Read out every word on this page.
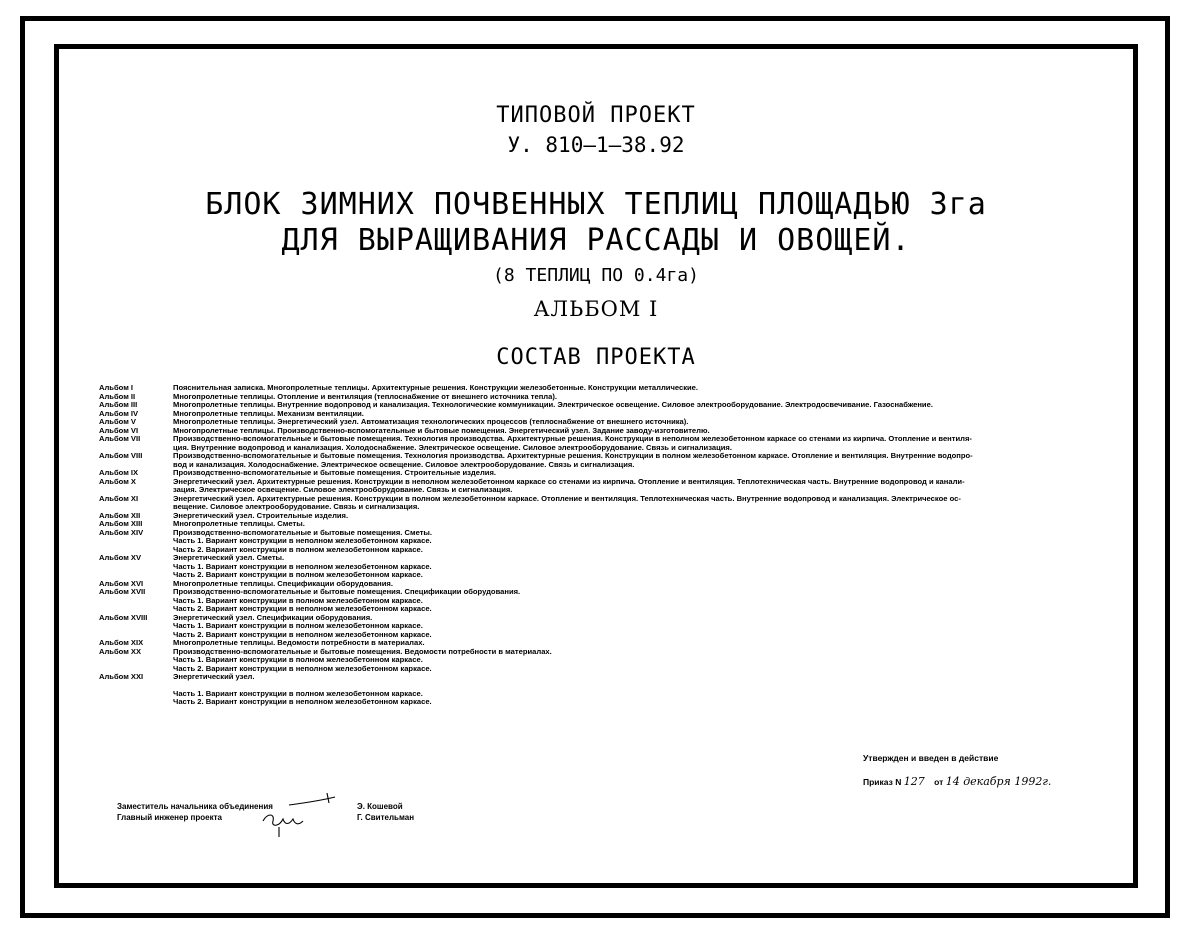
ТИПОВОЙ ПРОЕКТ
У. 810–1–38.92
БЛОК ЗИМНИХ ПОЧВЕННЫХ ТЕПЛИЦ ПЛОЩАДЬЮ 3га
ДЛЯ ВЫРАЩИВАНИЯ РАССАДЫ И ОВОЩЕЙ.
(8 ТЕПЛИЦ ПО 0.4га)
АЛЬБОМ I
СОСТАВ ПРОЕКТА
Альбом I	Пояснительная записка. Многопролетные теплицы. Архитектурные решения. Конструкции железобетонные. Конструкции металлические.
Альбом II	Многопролетные теплицы. Отопление и вентиляция (теплоснабжение от внешнего источника тепла).
Альбом III	Многопролетные теплицы. Внутренние водопровод и канализация. Технологические коммуникации. Электрическое освещение. Силовое электрооборудование. Электродосвечивание. Газоснабжение.
Альбом IV	Многопролетные теплицы. Механизм вентиляции.
Альбом V	Многопролетные теплицы. Энергетический узел. Автоматизация технологических процессов (теплоснабжение от внешнего источника).
Альбом VI	Многопролетные теплицы. Производственно-вспомогательные и бытовые помещения. Энергетический узел. Задание заводу-изготовителю.
Альбом VII	Производственно-вспомогательные и бытовые помещения. Технология производства. Архитектурные решения. Конструкции в неполном железобетонном каркасе со стенами из кирпича. Отопление и вентиля-
ция. Внутренние водопровод и канализация. Холодоснабжение. Электрическое освещение. Силовое электрооборудование. Связь и сигнализация.
Альбом VIII	Производственно-вспомогательные и бытовые помещения. Технология производства. Архитектурные решения. Конструкции в полном железобетонном каркасе. Отопление и вентиляция. Внутренние водопро-
вод и канализация. Холодоснабжение. Электрическое освещение. Силовое электрооборудование. Связь и сигнализация.
Альбом IX	Производственно-вспомогательные и бытовые помещения. Строительные изделия.
Альбом X	Энергетический узел. Архитектурные решения. Конструкции в неполном железобетонном каркасе со стенами из кирпича. Отопление и вентиляция. Теплотехническая часть. Внутренние водопровод и канали-
зация. Электрическое освещение. Силовое электрооборудование. Связь и сигнализация.
Альбом XI	Энергетический узел. Архитектурные решения. Конструкции в полном железобетонном каркасе. Отопление и вентиляция. Теплотехническая часть. Внутренние водопровод и канализация. Электрическое ос-
вещение. Силовое электрооборудование. Связь и сигнализация.
Альбом XII	Энергетический узел. Строительные изделия.
Альбом XIII	Многопролетные теплицы. Сметы.
Альбом XIV	Производственно-вспомогательные и бытовые помещения. Сметы.
Часть 1. Вариант конструкции в неполном железобетонном каркасе.
Часть 2. Вариант конструкции в полном железобетонном каркасе.
Альбом XV	Энергетический узел. Сметы.
Часть 1. Вариант конструкции в неполном железобетонном каркасе.
Часть 2. Вариант конструкции в полном железобетонном каркасе.
Альбом XVI	Многопролетные теплицы. Спецификации оборудования.
Альбом XVII	Производственно-вспомогательные и бытовые помещения. Спецификации оборудования.
Часть 1. Вариант конструкции в полном железобетонном каркасе.
Часть 2. Вариант конструкции в неполном железобетонном каркасе.
Альбом XVIII	Энергетический узел. Спецификации оборудования.
Часть 1. Вариант конструкции в полном железобетонном каркасе.
Часть 2. Вариант конструкции в неполном железобетонном каркасе.
Альбом XIX	Многопролетные теплицы. Ведомости потребности в материалах.
Альбом XX	Производственно-вспомогательные и бытовые помещения. Ведомости потребности в материалах.
Часть 1. Вариант конструкции в полном железобетонном каркасе.
Часть 2. Вариант конструкции в неполном железобетонном каркасе.
Альбом XXI	Энергетический узел.
Часть 1. Вариант конструкции в полном железобетонном каркасе.
Часть 2. Вариант конструкции в неполном железобетонном каркасе.
Утвержден и введен в действие
Приказ N 127 от 14 декабря 1992г.
Заместитель начальника объединения
Главный инженер проекта
Э. Кошевой
Г. Свительман
